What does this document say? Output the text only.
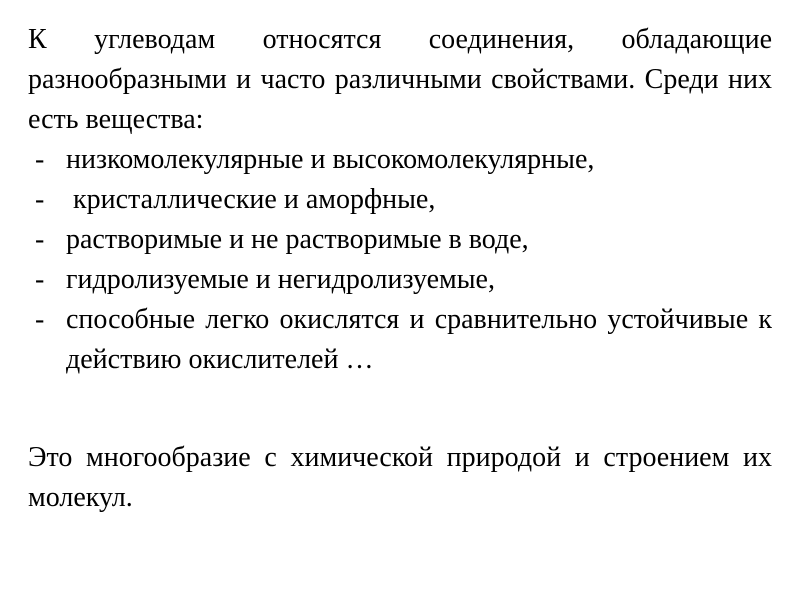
К углеводам относятся соединения, обладающие разнообразными и часто различными свойствами. Среди них есть вещества:

- низкомолекулярные и высокомолекулярные,
- кристаллические и аморфные,
- растворимые и не растворимые в воде,
- гидролизуемые и негидролизуемые,
- способные легко окислятся и сравнительно устойчивые к действию окислителей …

Это многообразие с химической природой и строением их молекул.
